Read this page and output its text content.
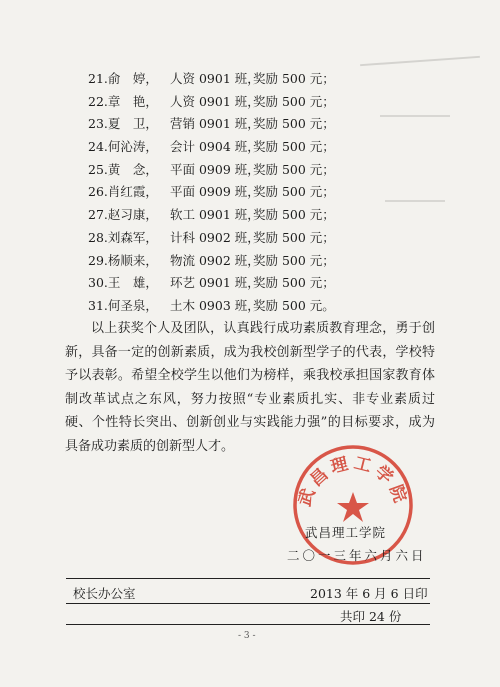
21.俞　婷， 人资 0901 班，
奖励 500 元；
22.章　艳， 人资 0901 班，
奖励 500 元；
23.夏　卫， 营销 0901 班，
奖励 500 元；
24.何沁涛， 会计 0904 班，
奖励 500 元；
25.黄　念， 平面 0909 班，
奖励 500 元；
26.肖红霞， 平面 0909 班，
奖励 500 元；
27.赵习康， 软工 0901 班，
奖励 500 元；
28.刘森军， 计科 0902 班，
奖励 500 元；
29.杨顺来， 物流 0902 班，
奖励 500 元；
30.王　雄， 环艺 0901 班，
奖励 500 元；
31.何圣泉， 土木 0903 班，
奖励 500 元。
以上获奖个人及团队，认真践行成功素质教育理念，勇于创新，具备一定的创新素质，成为我校创新型学子的代表，学校特予以表彰。希望全校学生以他们为榜样，乘我校承担国家教育体制改革试点之东风，努力按照“专业素质扎实、非专业素质过硬、个性特长突出、创新创业与实践能力强”的目标要求，成为具备成功素质的创新型人才。
武昌理工学院
武昌理工学院
二〇一三年六月六日
校长办公室	2013 年 6 月 6 日印
共印 24 份
- 3 -
